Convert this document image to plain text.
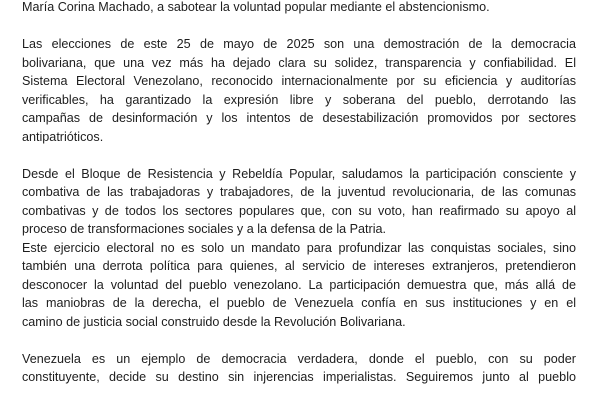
María Corina Machado, a sabotear la voluntad popular mediante el abstencionismo.
Las elecciones de este 25 de mayo de 2025 son una demostración de la democracia
bolivariana, que una vez más ha dejado clara su solidez, transparencia y confiabilidad. El
Sistema Electoral Venezolano, reconocido internacionalmente por su eficiencia y auditorías
verificables, ha garantizado la expresión libre y soberana del pueblo, derrotando las
campañas de desinformación y los intentos de desestabilización promovidos por sectores
antipatrióticos.
Desde el Bloque de Resistencia y Rebeldía Popular, saludamos la participación consciente y
combativa de las trabajadoras y trabajadores, de la juventud revolucionaria, de las comunas
combativas y de todos los sectores populares que, con su voto, han reafirmado su apoyo al
proceso de transformaciones sociales y a la defensa de la Patria.
Este ejercicio electoral no es solo un mandato para profundizar las conquistas sociales, sino
también una derrota política para quienes, al servicio de intereses extranjeros, pretendieron
desconocer la voluntad del pueblo venezolano. La participación demuestra que, más allá de
las maniobras de la derecha, el pueblo de Venezuela confía en sus instituciones y en el
camino de justicia social construido desde la Revolución Bolivariana.
Venezuela es un ejemplo de democracia verdadera, donde el pueblo, con su poder
constituyente, decide su destino sin injerencias imperialistas. Seguiremos junto al pueblo
